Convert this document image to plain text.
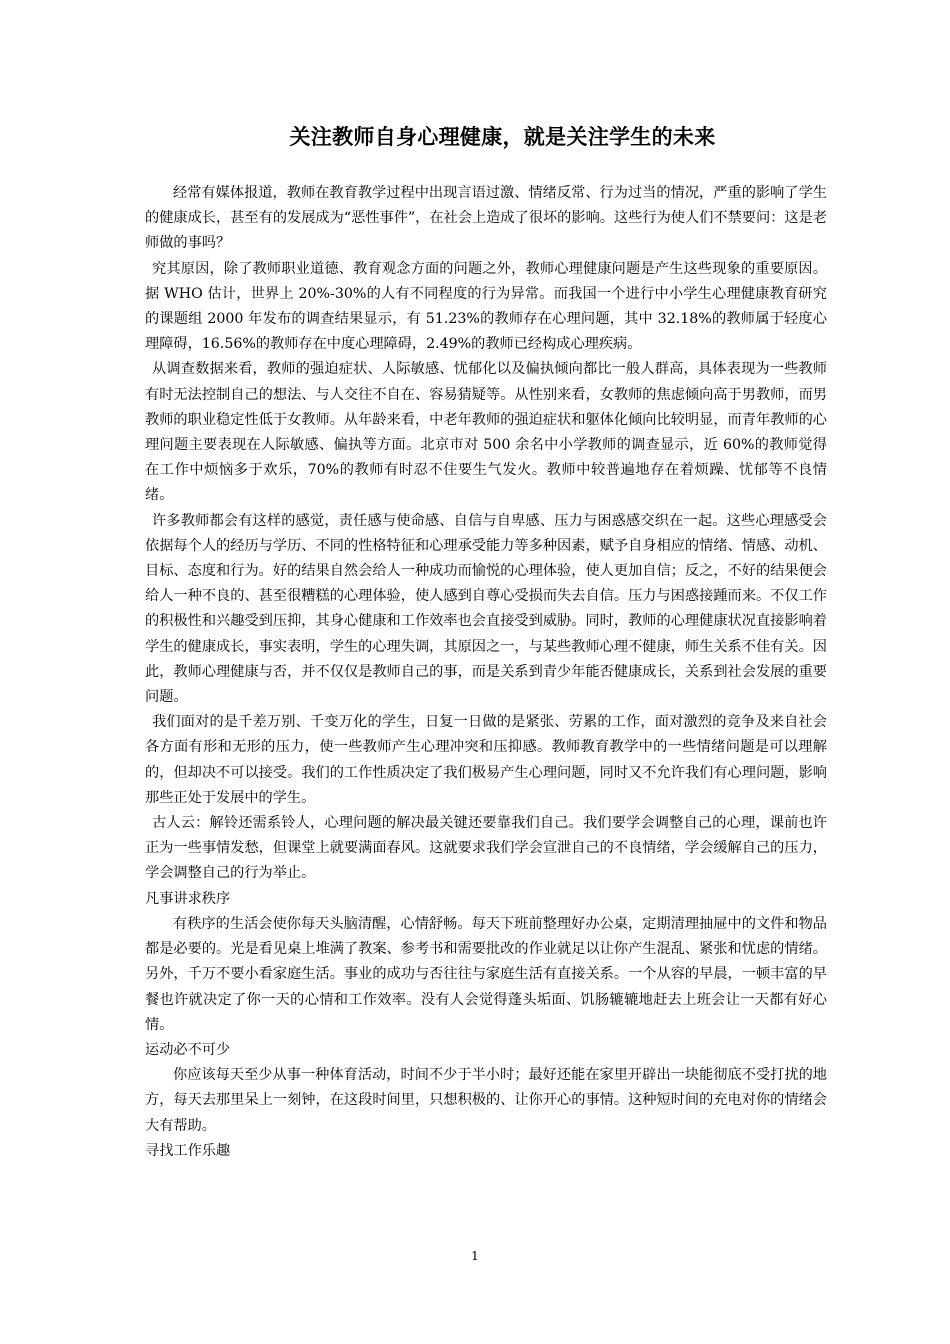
关注教师自身心理健康，就是关注学生的未来

经常有媒体报道，教师在教育教学过程中出现言语过激、情绪反常、行为过当的情况，严重的影响了学生的健康成长，甚至有的发展成为“恶性事件”，在社会上造成了很坏的影响。这些行为使人们不禁要问：这是老师做的事吗？

究其原因，除了教师职业道德、教育观念方面的问题之外，教师心理健康问题是产生这些现象的重要原因。据 WHO 估计，世界上 20%-30%的人有不同程度的行为异常。而我国一个进行中小学生心理健康教育研究的课题组 2000 年发布的调查结果显示，有 51.23%的教师存在心理问题，其中 32.18%的教师属于轻度心理障碍，16.56%的教师存在中度心理障碍，2.49%的教师已经构成心理疾病。

从调查数据来看，教师的强迫症状、人际敏感、忧郁化以及偏执倾向都比一般人群高，具体表现为一些教师有时无法控制自己的想法、与人交往不自在、容易猜疑等。从性别来看，女教师的焦虑倾向高于男教师，而男教师的职业稳定性低于女教师。从年龄来看，中老年教师的强迫症状和躯体化倾向比较明显，而青年教师的心理问题主要表现在人际敏感、偏执等方面。北京市对 500 余名中小学教师的调查显示，近 60%的教师觉得在工作中烦恼多于欢乐，70%的教师有时忍不住要生气发火。教师中较普遍地存在着烦躁、忧郁等不良情绪。

许多教师都会有这样的感觉，责任感与使命感、自信与自卑感、压力与困惑感交织在一起。这些心理感受会依据每个人的经历与学历、不同的性格特征和心理承受能力等多种因素，赋予自身相应的情绪、情感、动机、目标、态度和行为。好的结果自然会给人一种成功而愉悦的心理体验，使人更加自信；反之，不好的结果便会给人一种不良的、甚至很糟糕的心理体验，使人感到自尊心受损而失去自信。压力与困惑接踵而来。不仅工作的积极性和兴趣受到压抑，其身心健康和工作效率也会直接受到威胁。同时，教师的心理健康状况直接影响着学生的健康成长，事实表明，学生的心理失调，其原因之一，与某些教师心理不健康，师生关系不佳有关。因此，教师心理健康与否，并不仅仅是教师自己的事，而是关系到青少年能否健康成长，关系到社会发展的重要问题。

我们面对的是千差万别、千变万化的学生，日复一日做的是紧张、劳累的工作，面对激烈的竞争及来自社会各方面有形和无形的压力，使一些教师产生心理冲突和压抑感。教师教育教学中的一些情绪问题是可以理解的，但却决不可以接受。我们的工作性质决定了我们极易产生心理问题，同时又不允许我们有心理问题，影响那些正处于发展中的学生。

古人云：解铃还需系铃人，心理问题的解决最关键还要靠我们自己。我们要学会调整自己的心理，课前也许正为一些事情发愁，但课堂上就要满面春风。这就要求我们学会宣泄自己的不良情绪，学会缓解自己的压力，学会调整自己的行为举止。

凡事讲求秩序

有秩序的生活会使你每天头脑清醒，心情舒畅。每天下班前整理好办公桌，定期清理抽屉中的文件和物品都是必要的。光是看见桌上堆满了教案、参考书和需要批改的作业就足以让你产生混乱、紧张和忧虑的情绪。另外，千万不要小看家庭生活。事业的成功与否往往与家庭生活有直接关系。一个从容的早晨，一顿丰富的早餐也许就决定了你一天的心情和工作效率。没有人会觉得蓬头垢面、饥肠辘辘地赶去上班会让一天都有好心情。

运动必不可少

你应该每天至少从事一种体育活动，时间不少于半小时；最好还能在家里开辟出一块能彻底不受打扰的地方，每天去那里呆上一刻钟，在这段时间里，只想积极的、让你开心的事情。这种短时间的充电对你的情绪会大有帮助。

寻找工作乐趣

1
